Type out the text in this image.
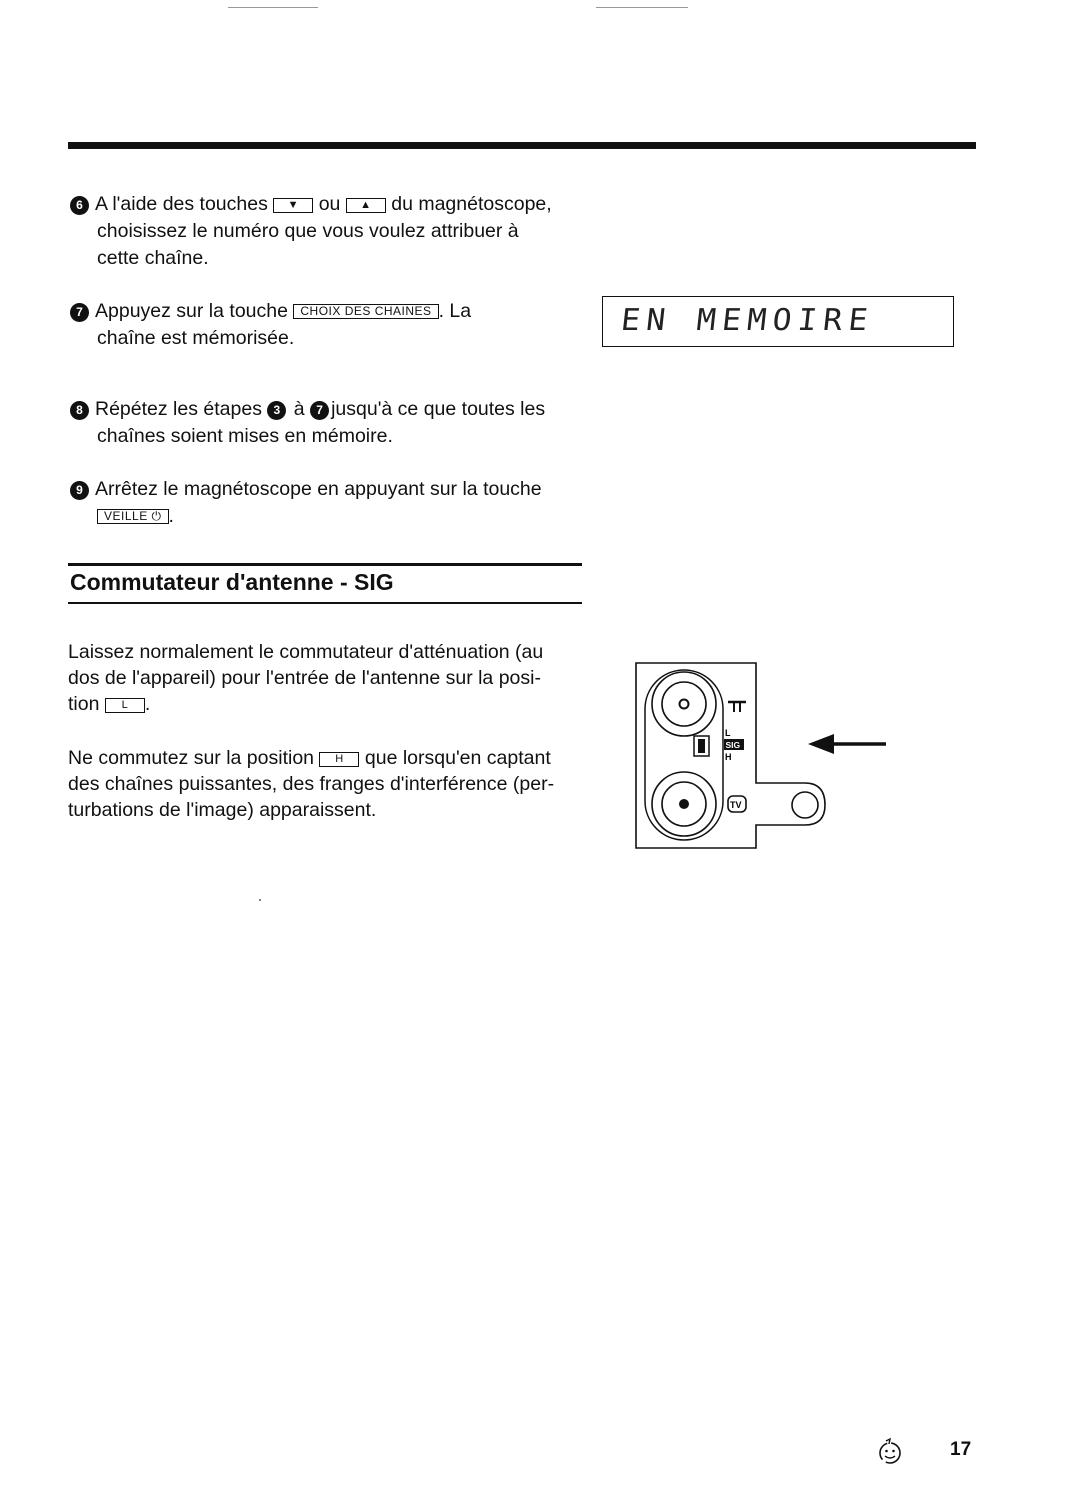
6 A l'aide des touches ▼ ou ▲ du magnétoscope,
choisissez le numéro que vous voulez attribuer à
cette chaîne.
7 Appuyez sur la touche CHOIX DES CHAINES . La
chaîne est mémorisée.	EN MEMOIRE
8 Répétez les étapes 3 à 7 jusqu'à ce que toutes les
chaînes soient mises en mémoire.
9 Arrêtez le magnétoscope en appuyant sur la touche
VEILLE ⏻ .
Commutateur d'antenne - SIG
Laissez normalement le commutateur d'atténuation (au
dos de l'appareil) pour l'entrée de l'antenne sur la posi-
tion L .
Ne commutez sur la position H que lorsqu'en captant
des chaînes puissantes, des franges d'interférence (per-
turbations de l'image) apparaissent.
L
SIG
H
TV
17
